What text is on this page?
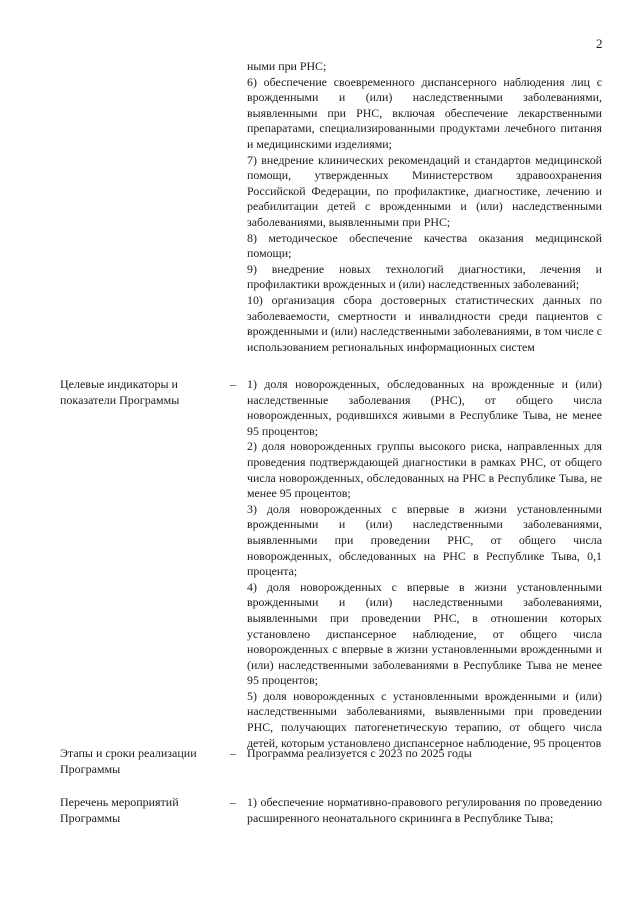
2

ными при РНС;

6) обеспечение своевременного диспансерного наблюдения лиц с врожденными и (или) наследственными заболеваниями, выявленными при РНС, включая обеспечение лекарственными препаратами, специализированными продуктами лечебного питания и медицинскими изделиями;

7) внедрение клинических рекомендаций и стандартов медицинской помощи, утвержденных Министерством здравоохранения Российской Федерации, по профилактике, диагностике, лечению и реабилитации детей с врожденными и (или) наследственными заболеваниями, выявленными при РНС;

8) методическое обеспечение качества оказания медицинской помощи;

9) внедрение новых технологий диагностики, лечения и профилактики врожденных и (или) наследственных заболеваний;

10) организация сбора достоверных статистических данных по заболеваемости, смертности и инвалидности среди пациентов с врожденными и (или) наследственными заболеваниями, в том числе с использованием региональных информационных систем

Целевые индикаторы и показатели Программы
– 1) доля новорожденных, обследованных на врожденные и (или) наследственные заболевания (РНС), от общего числа новорожденных, родившихся живыми в Республике Тыва, не менее 95 процентов;

2) доля новорожденных группы высокого риска, направленных для проведения подтверждающей диагностики в рамках РНС, от общего числа новорожденных, обследованных на РНС в Республике Тыва, не менее 95 процентов;

3) доля новорожденных с впервые в жизни установленными врожденными и (или) наследственными заболеваниями, выявленными при проведении РНС, от общего числа новорожденных, обследованных на РНС в Республике Тыва, 0,1 процента;

4) доля новорожденных с впервые в жизни установленными врожденными и (или) наследственными заболеваниями, выявленными при проведении РНС, в отношении которых установлено диспансерное наблюдение, от общего числа новорожденных с впервые в жизни установленными врожденными и (или) наследственными заболеваниями в Республике Тыва не менее 95 процентов;

5) доля новорожденных с установленными врожденными и (или) наследственными заболеваниями, выявленными при проведении РНС, получающих патогенетическую терапию, от общего числа детей, которым установлено диспансерное наблюдение, 95 процентов

Этапы и сроки реализации Программы
– Программа реализуется с 2023 по 2025 годы

Перечень мероприятий Программы
– 1) обеспечение нормативно-правового регулирования по проведению расширенного неонатального скрининга в Республике Тыва;
